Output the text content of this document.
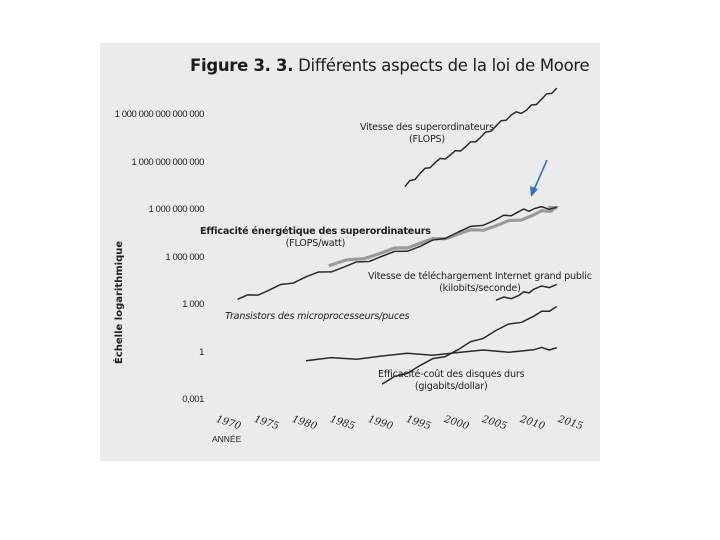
Figure 3. 3. Différents aspects de la loi de Moore
Échelle logarithmique
ANNÉE
1 000 000 000 000 000
1 000 000 000 000
1 000 000 000
1 000 000
1 000
1
0,001
1970 1975 1980 1985 1990 1995 2000 2005 2010 2015
Vitesse des superordinateurs
(FLOPS)
Efficacité énergétique des superordinateurs
(FLOPS/watt)
Vitesse de téléchargement Internet grand public
(kilobits/seconde)
Transistors des microprocesseurs/puces
Efficacité-coût des disques durs
(gigabits/dollar)
